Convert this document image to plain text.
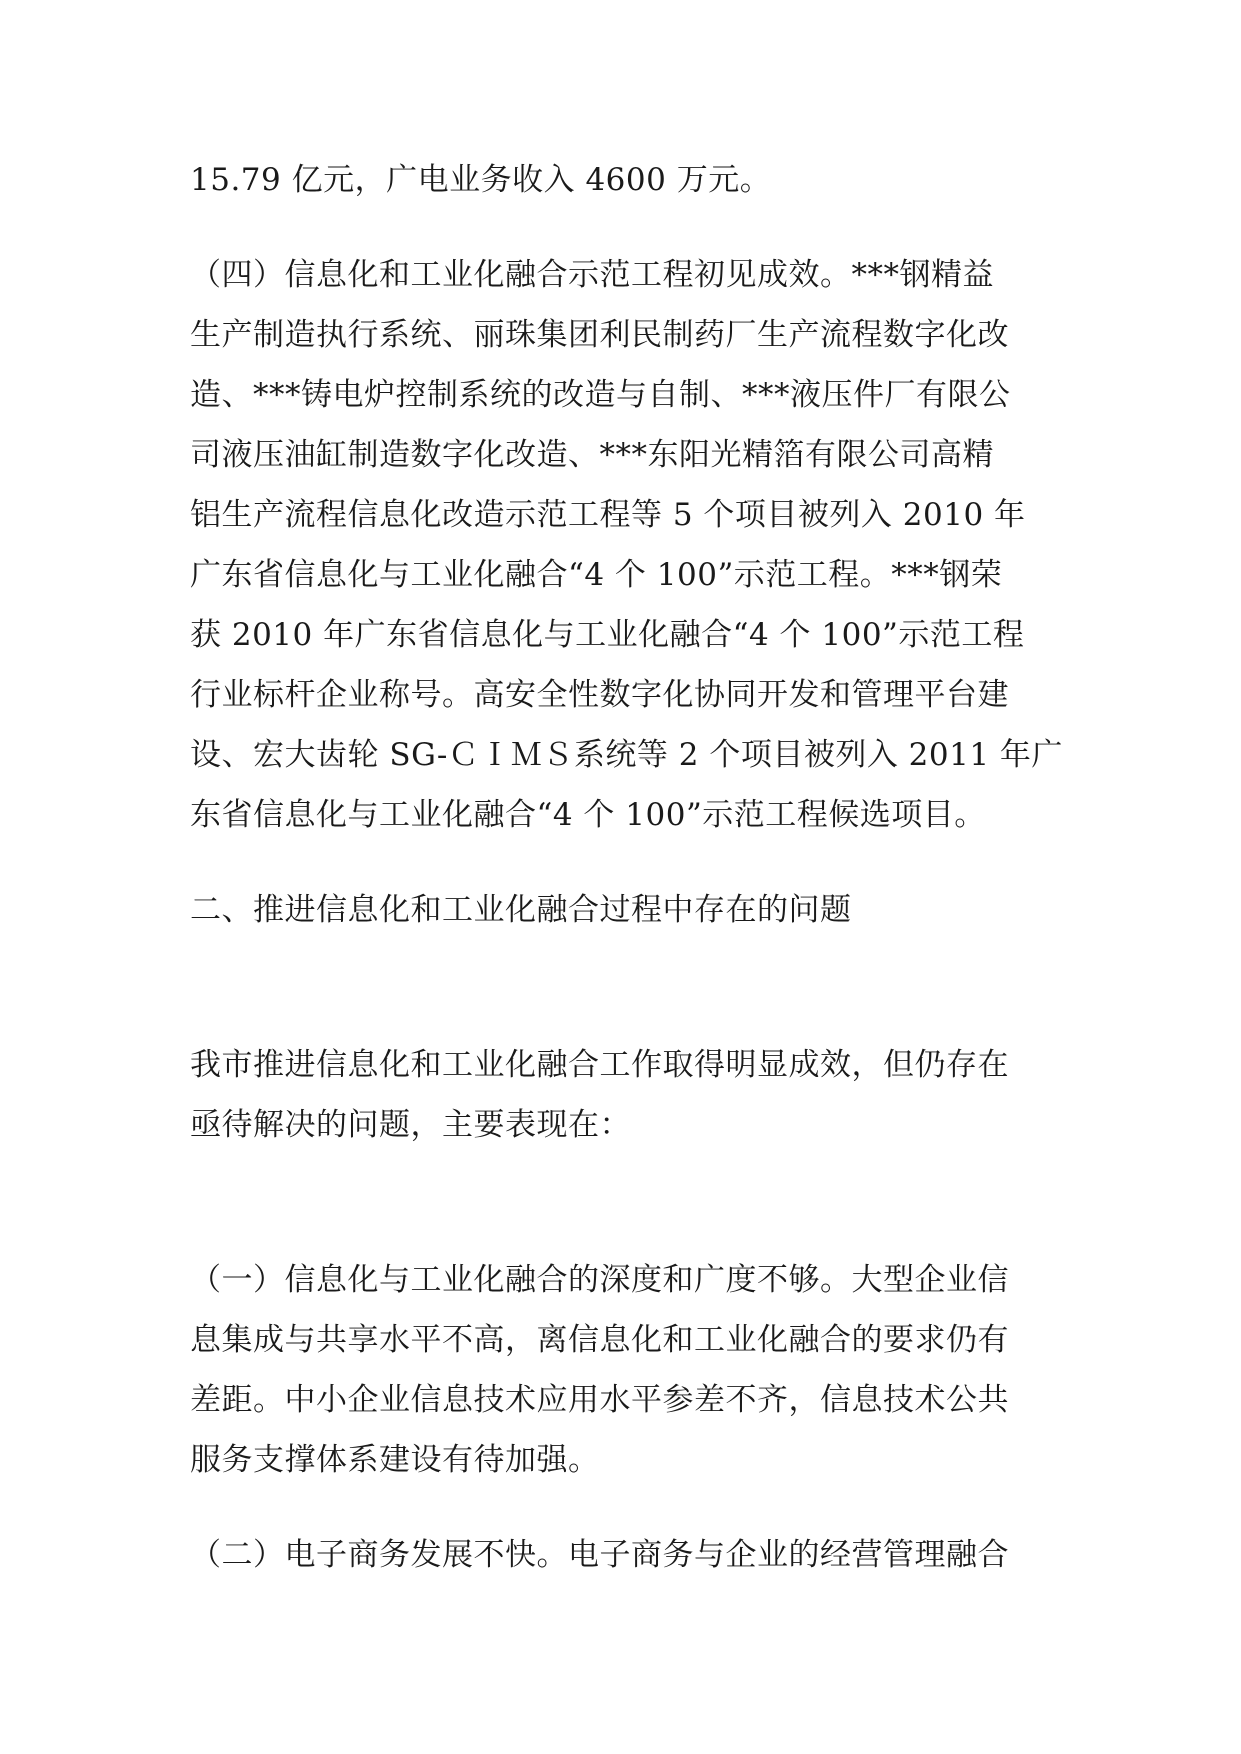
15.79 亿元，广电业务收入 4600 万元。
（四）信息化和工业化融合示范工程初见成效。***钢精益
生产制造执行系统、丽珠集团利民制药厂生产流程数字化改
造、***铸电炉控制系统的改造与自制、***液压件厂有限公
司液压油缸制造数字化改造、***东阳光精箔有限公司高精
铝生产流程信息化改造示范工程等 5 个项目被列入 2010 年
广东省信息化与工业化融合“4 个 100”示范工程。***钢荣
获 2010 年广东省信息化与工业化融合“4 个 100”示范工程
行业标杆企业称号。高安全性数字化协同开发和管理平台建
设、宏大齿轮 SG-ＣＩＭＳ系统等 2 个项目被列入 2011 年广
东省信息化与工业化融合“4 个 100”示范工程候选项目。
二、推进信息化和工业化融合过程中存在的问题
我市推进信息化和工业化融合工作取得明显成效，但仍存在
亟待解决的问题，主要表现在：
（一）信息化与工业化融合的深度和广度不够。大型企业信
息集成与共享水平不高，离信息化和工业化融合的要求仍有
差距。中小企业信息技术应用水平参差不齐，信息技术公共
服务支撑体系建设有待加强。
（二）电子商务发展不快。电子商务与企业的经营管理融合
